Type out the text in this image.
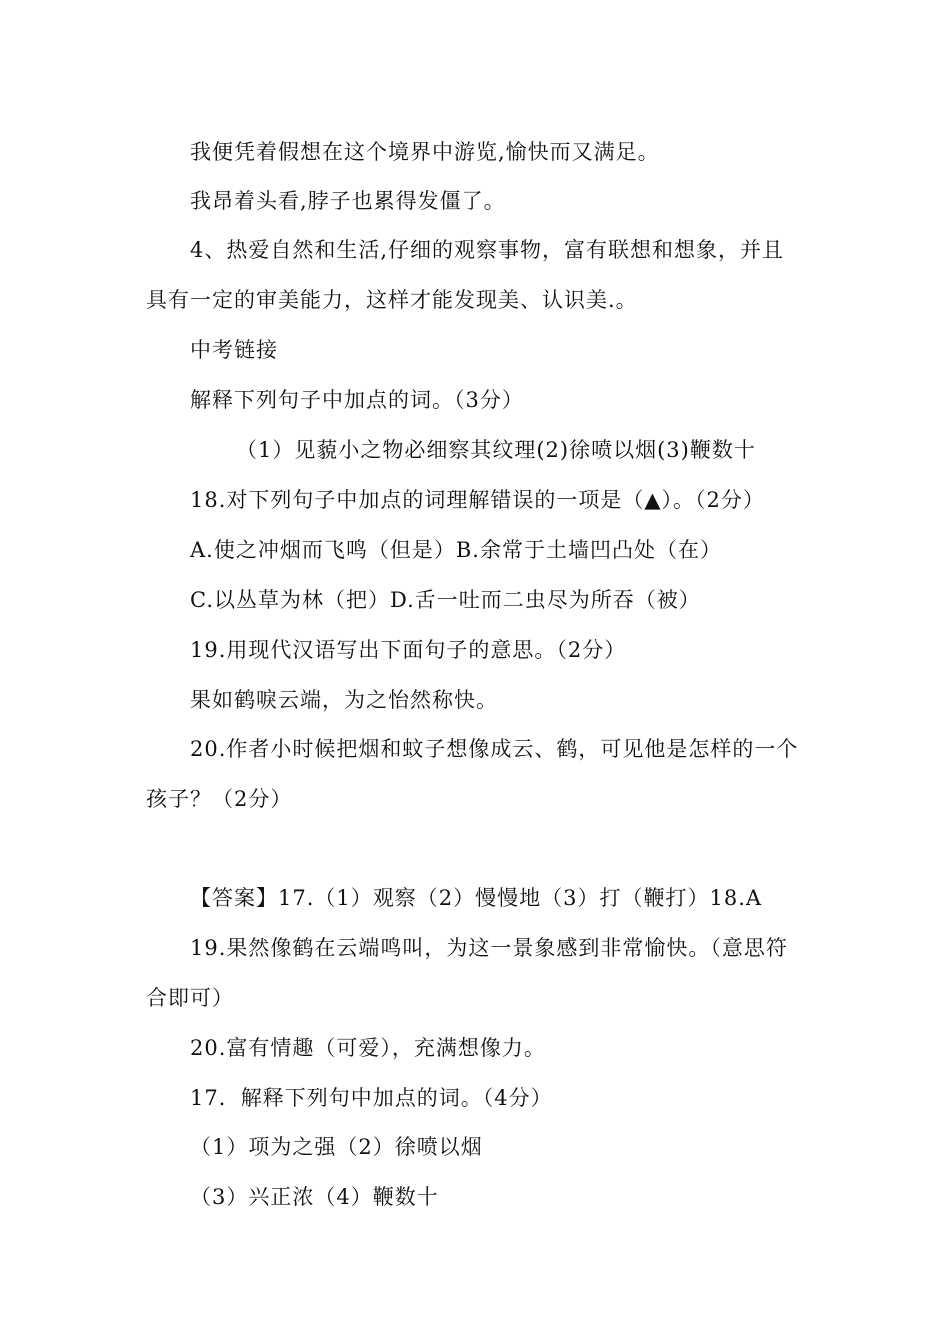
我便凭着假想在这个境界中游览,愉快而又满足。
我昂着头看,脖子也累得发僵了。
4、热爱自然和生活,仔细的观察事物，富有联想和想象，并且
具有一定的审美能力，这样才能发现美、认识美.。
中考链接
解释下列句子中加点的词。（3分）
（1）见藐小之物必细察其纹理(2)徐喷以烟(3)鞭数十
18.对下列句子中加点的词理解错误的一项是（▲）。（2分）
A.使之冲烟而飞鸣（但是）B.余常于土墙凹凸处（在）
C.以丛草为林（把）D.舌一吐而二虫尽为所吞（被）
19.用现代汉语写出下面句子的意思。（2分）
果如鹤唳云端，为之怡然称快。
20.作者小时候把烟和蚊子想像成云、鹤，可见他是怎样的一个
孩子？（2分）
【答案】17.（1）观察（2）慢慢地（3）打（鞭打）18.A
19.果然像鹤在云端鸣叫，为这一景象感到非常愉快。（意思符
合即可）
20.富有情趣（可爱），充满想像力。
17．解释下列句中加点的词。（4分）
（1）项为之强（2）徐喷以烟
（3）兴正浓（4）鞭数十
